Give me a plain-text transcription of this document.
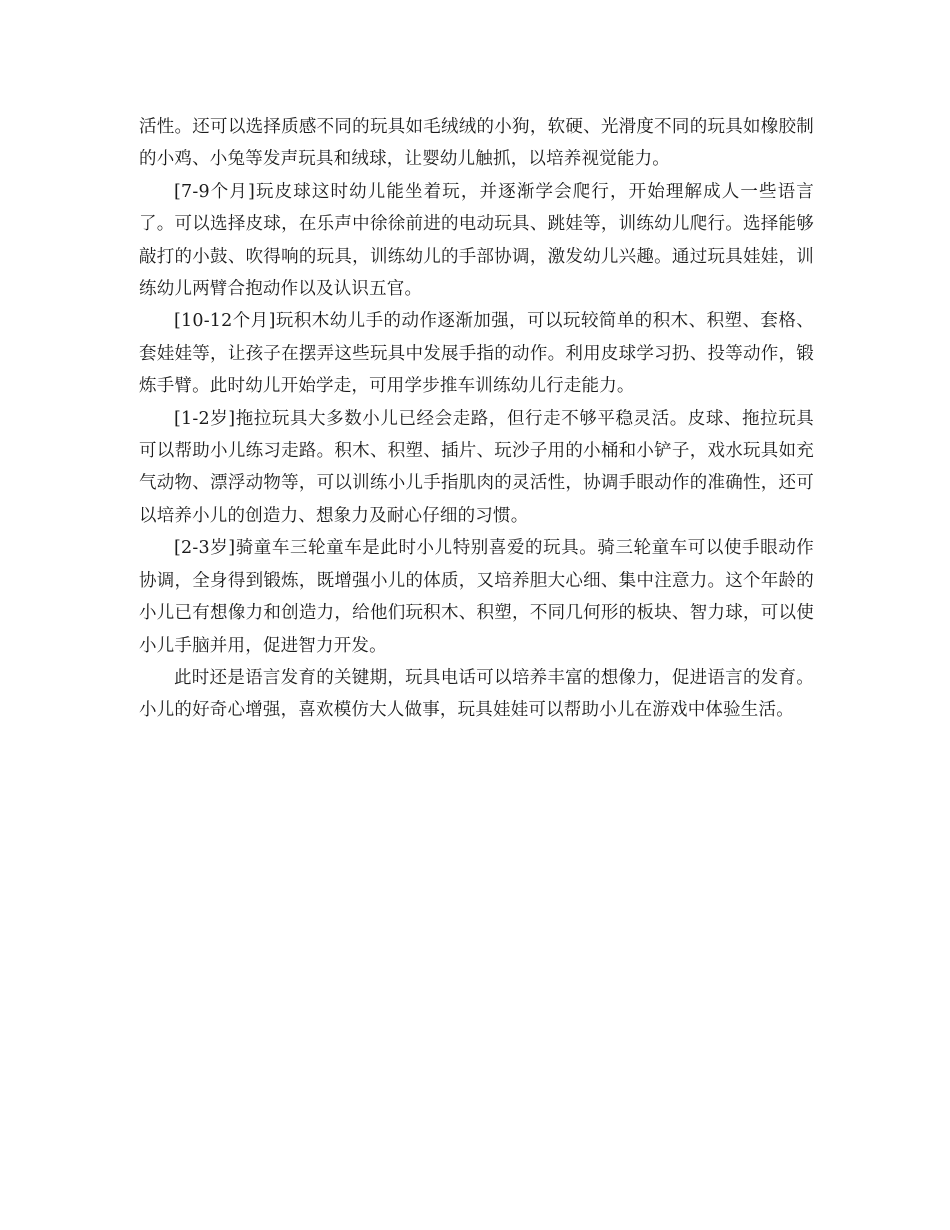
活性。还可以选择质感不同的玩具如毛绒绒的小狗，软硬、光滑度不同的玩具如橡胶制的小鸡、小兔等发声玩具和绒球，让婴幼儿触抓，以培养视觉能力。

[7-9个月]玩皮球这时幼儿能坐着玩，并逐渐学会爬行，开始理解成人一些语言了。可以选择皮球，在乐声中徐徐前进的电动玩具、跳娃等，训练幼儿爬行。选择能够敲打的小鼓、吹得响的玩具，训练幼儿的手部协调，激发幼儿兴趣。通过玩具娃娃，训练幼儿两臂合抱动作以及认识五官。

[10-12个月]玩积木幼儿手的动作逐渐加强，可以玩较简单的积木、积塑、套格、套娃娃等，让孩子在摆弄这些玩具中发展手指的动作。利用皮球学习扔、投等动作，锻炼手臂。此时幼儿开始学走，可用学步推车训练幼儿行走能力。

[1-2岁]拖拉玩具大多数小儿已经会走路，但行走不够平稳灵活。皮球、拖拉玩具可以帮助小儿练习走路。积木、积塑、插片、玩沙子用的小桶和小铲子，戏水玩具如充气动物、漂浮动物等，可以训练小儿手指肌肉的灵活性，协调手眼动作的准确性，还可以培养小儿的创造力、想象力及耐心仔细的习惯。

[2-3岁]骑童车三轮童车是此时小儿特别喜爱的玩具。骑三轮童车可以使手眼动作协调，全身得到锻炼，既增强小儿的体质，又培养胆大心细、集中注意力。这个年龄的小儿已有想像力和创造力，给他们玩积木、积塑，不同几何形的板块、智力球，可以使小儿手脑并用，促进智力开发。

此时还是语言发育的关键期，玩具电话可以培养丰富的想像力，促进语言的发育。小儿的好奇心增强，喜欢模仿大人做事，玩具娃娃可以帮助小儿在游戏中体验生活。
